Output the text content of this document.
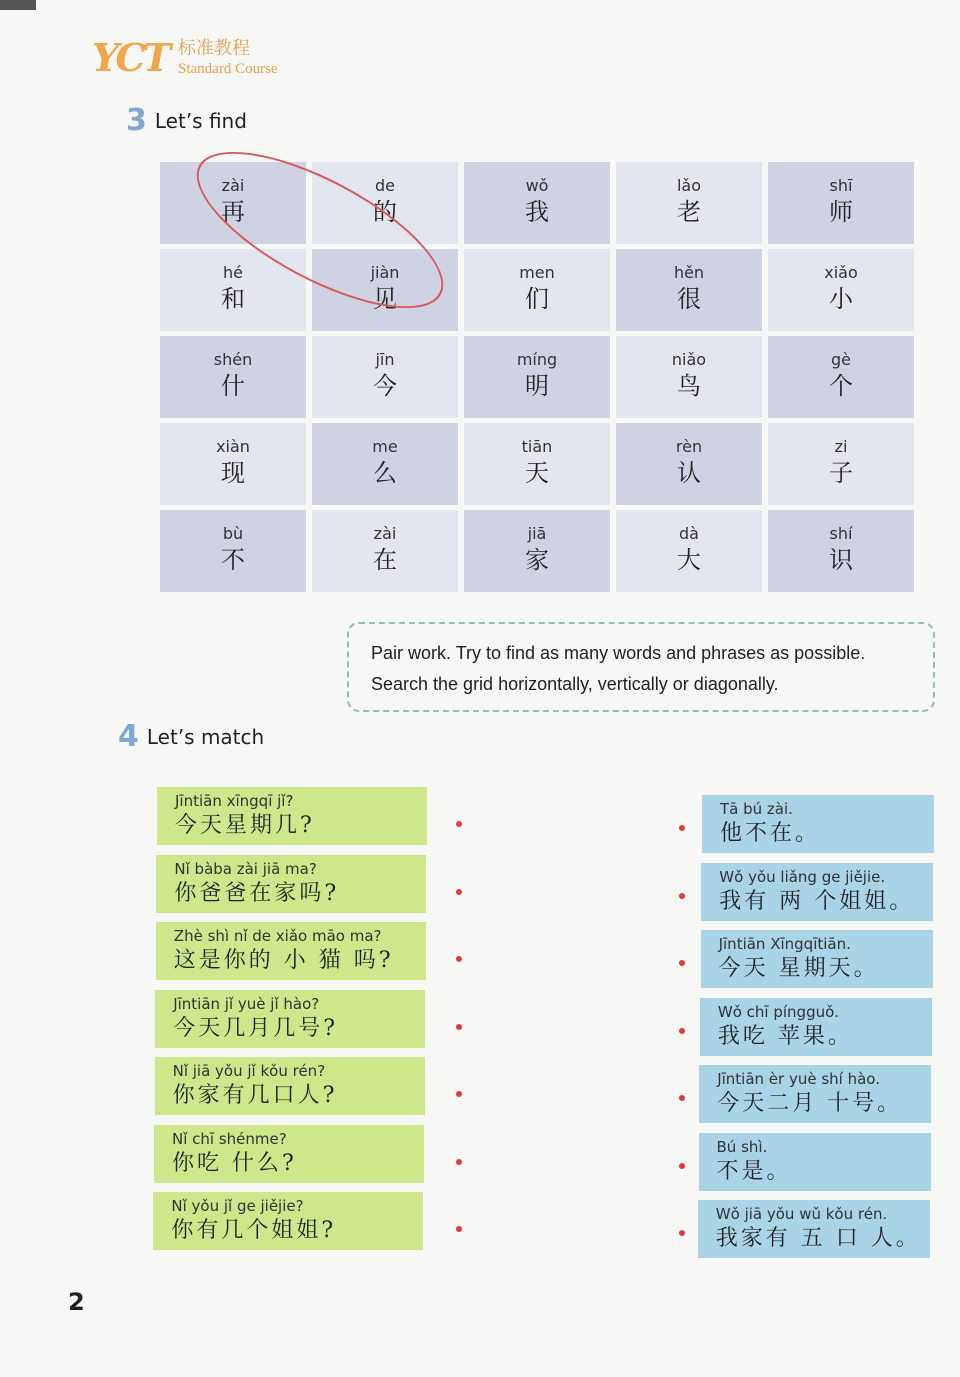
YCT 标准教程
Standard Course
3 Let’s find
zài
再
de
的
wǒ
我
lǎo
老
shī
师
hé
和
jiàn
见
men
们
hěn
很
xiǎo
小
shén
什
jīn
今
míng
明
niǎo
鸟
gè
个
xiàn
现
me
么
tiān
天
rèn
认
zi
子
bù
不
zài
在
jiā
家
dà
大
shí
识
Pair work. Try to find as many words and phrases as possible.
Search the grid horizontally, vertically or diagonally.
4 Let’s match
Jīntiān xīngqī jǐ?
今天星期几?
Nǐ bàba zài jiā ma?
你爸爸在家吗?
Zhè shì nǐ de xiǎo māo ma?
这是你的 小 猫 吗?
Jīntiān jǐ yuè jǐ hào?
今天几月几号?
Nǐ jiā yǒu jǐ kǒu rén?
你家有几口人?
Nǐ chī shénme?
你吃 什么?
Nǐ yǒu jǐ ge jiějie?
你有几个姐姐?
Tā bú zài.
他不在。
Wǒ yǒu liǎng ge jiějie.
我有 两 个姐姐。
Jīntiān Xīngqītiān.
今天 星期天。
Wǒ chī píngguǒ.
我吃 苹果。
Jīntiān èr yuè shí hào.
今天二月 十号。
Bú shì.
不是。
Wǒ jiā yǒu wǔ kǒu rén.
我家有 五 口 人。
2
